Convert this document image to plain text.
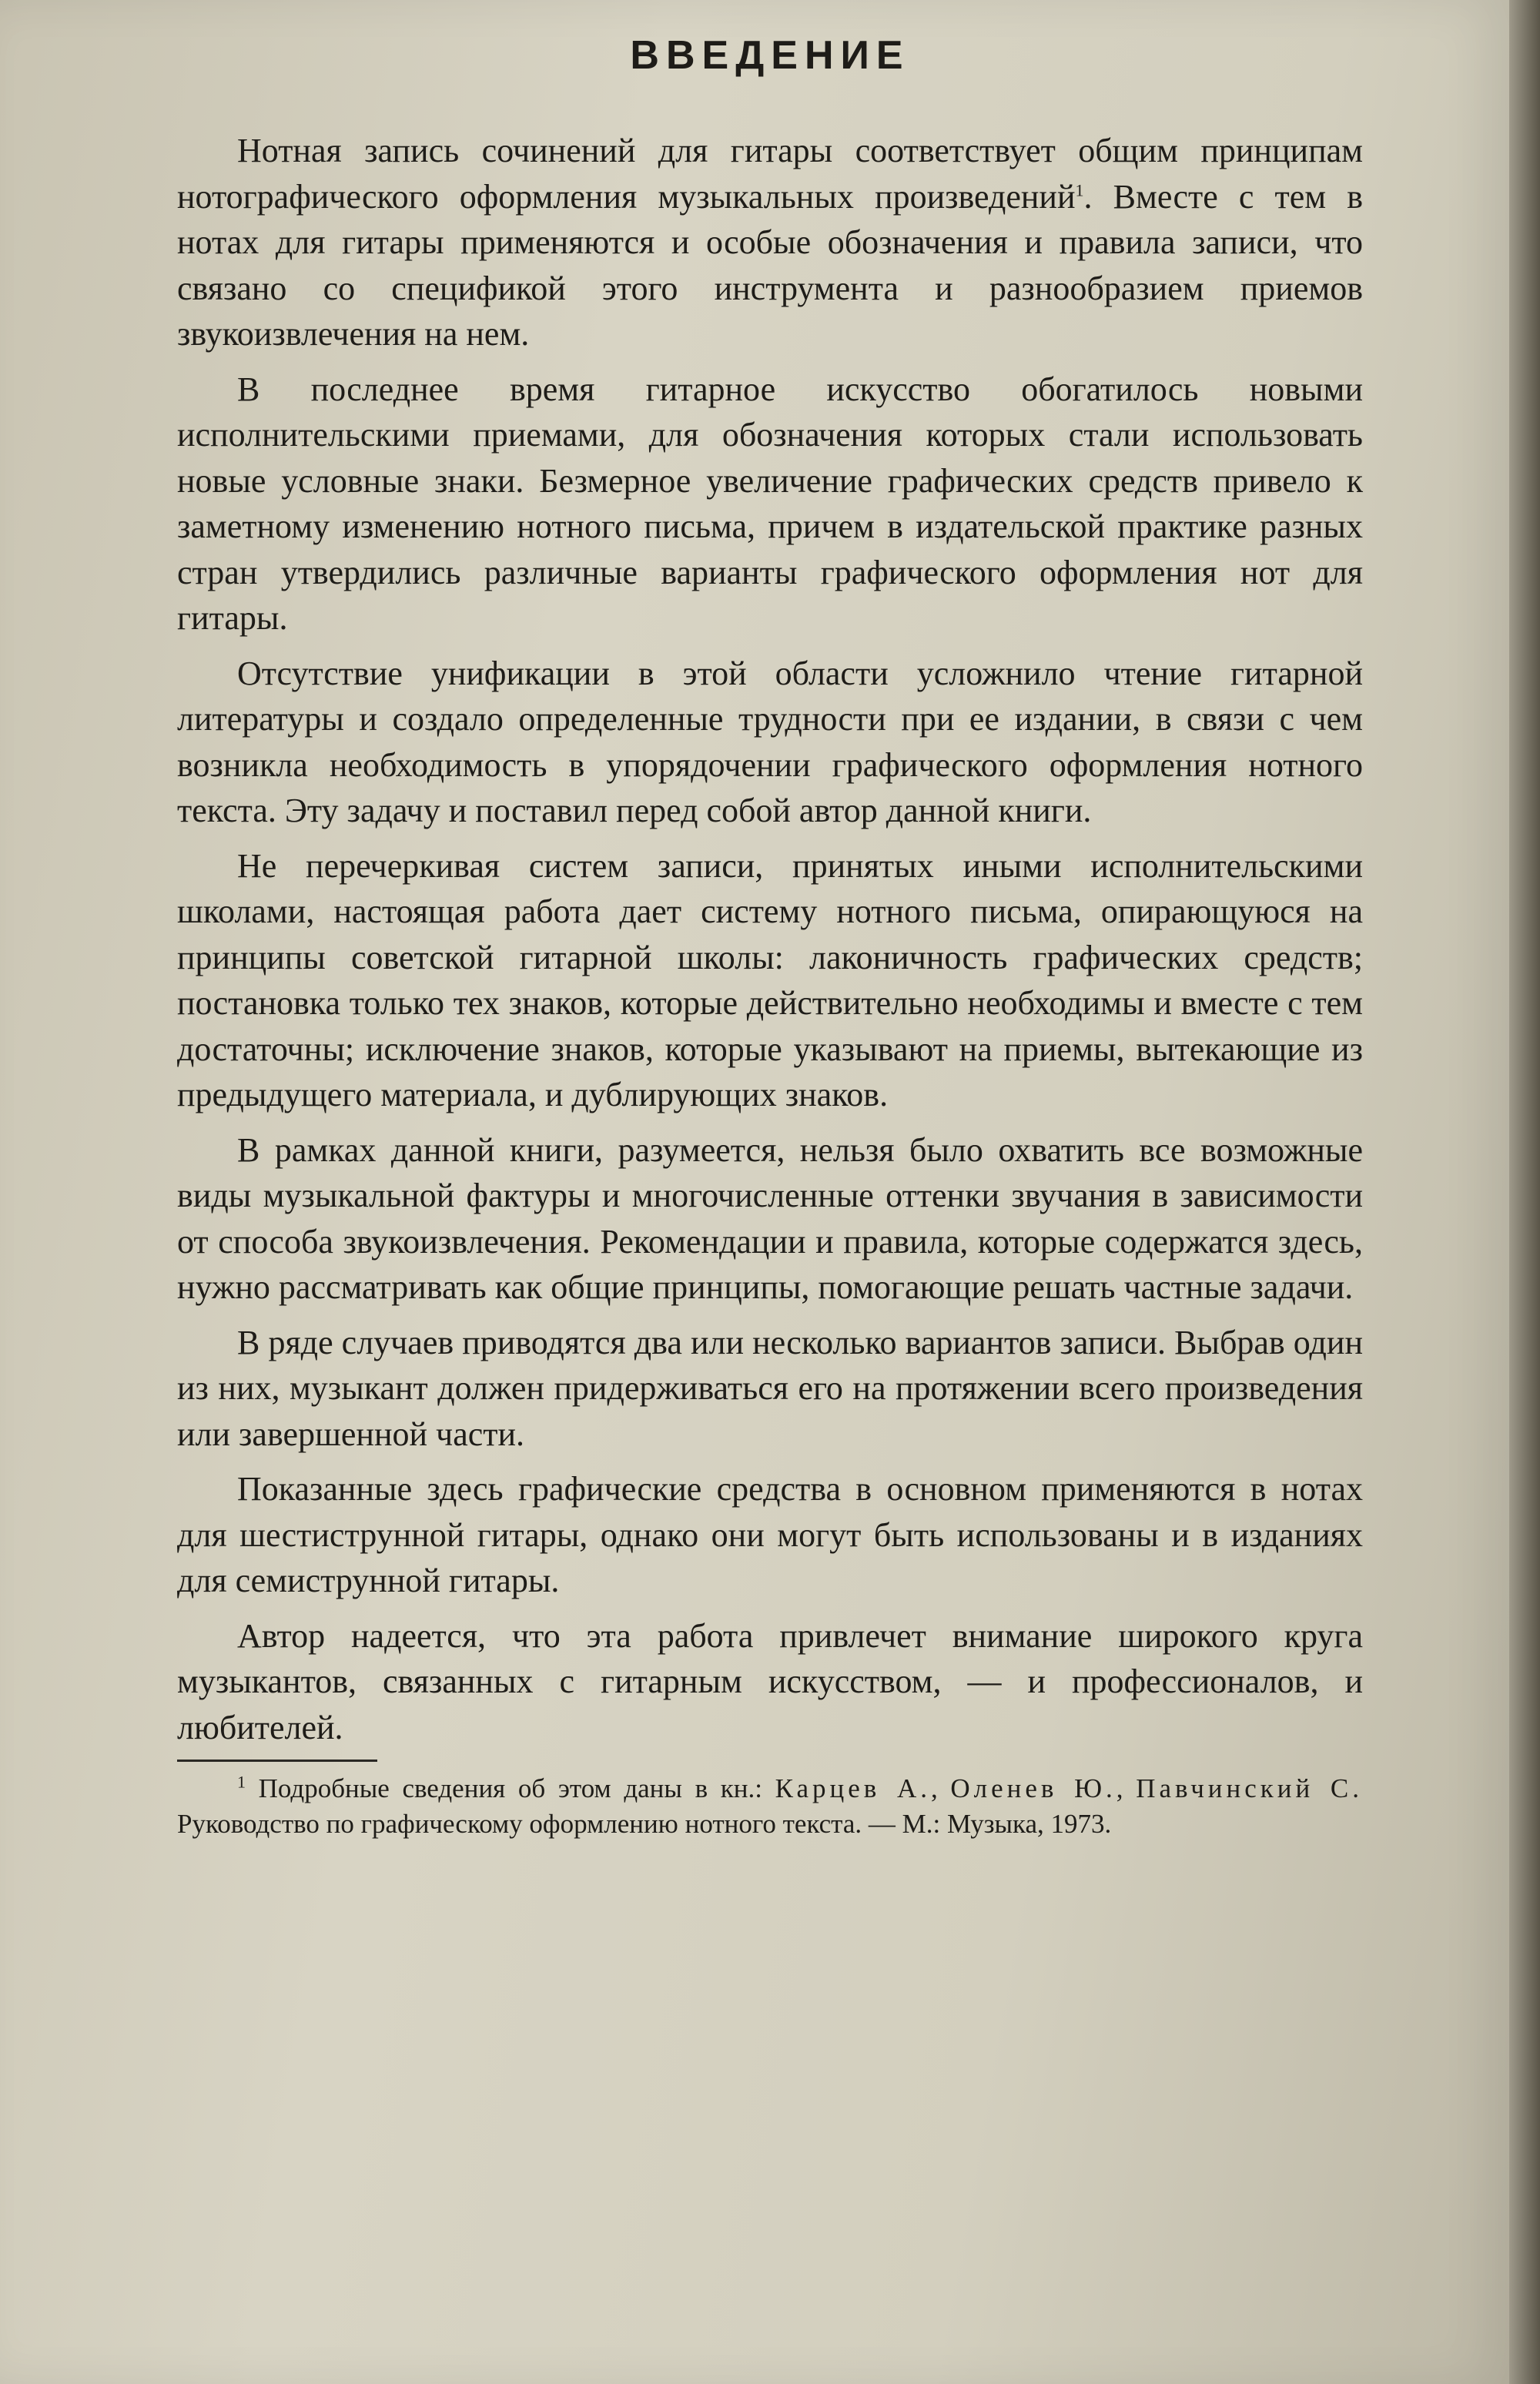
ВВЕДЕНИЕ

Нотная запись сочинений для гитары соответствует общим принципам нотографического оформления музыкальных произведений$^1$. Вместе с тем в нотах для гитары применяются и особые обозначения и правила записи, что связано со спецификой этого инструмента и разнообразием приемов звукоизвлечения на нем.

В последнее время гитарное искусство обогатилось новыми исполнительскими приемами, для обозначения которых стали использовать новые условные знаки. Безмерное увеличение графических средств привело к заметному изменению нотного письма, причем в издательской практике разных стран утвердились различные варианты графического оформления нот для гитары.

Отсутствие унификации в этой области усложнило чтение гитарной литературы и создало определенные трудности при ее издании, в связи с чем возникла необходимость в упорядочении графического оформления нотного текста. Эту задачу и поставил перед собой автор данной книги.

Не перечеркивая систем записи, принятых иными исполнительскими школами, настоящая работа дает систему нотного письма, опирающуюся на принципы советской гитарной школы: лаконичность графических средств; постановка только тех знаков, которые действительно необходимы и вместе с тем достаточны; исключение знаков, которые указывают на приемы, вытекающие из предыдущего материала, и дублирующих знаков.

В рамках данной книги, разумеется, нельзя было охватить все возможные виды музыкальной фактуры и многочисленные оттенки звучания в зависимости от способа звукоизвлечения. Рекомендации и правила, которые содержатся здесь, нужно рассматривать как общие принципы, помогающие решать частные задачи.

В ряде случаев приводятся два или несколько вариантов записи. Выбрав один из них, музыкант должен придерживаться его на протяжении всего произведения или завершенной части.

Показанные здесь графические средства в основном применяются в нотах для шестиструнной гитары, однако они могут быть использованы и в изданиях для семиструнной гитары.

Автор надеется, что эта работа привлечет внимание широкого круга музыкантов, связанных с гитарным искусством, — и профессионалов, и любителей.

$^1$ Подробные сведения об этом даны в кн.: Карцев А., Оленев Ю., Павчинский С. Руководство по графическому оформлению нотного текста. — М.: Музыка, 1973.
